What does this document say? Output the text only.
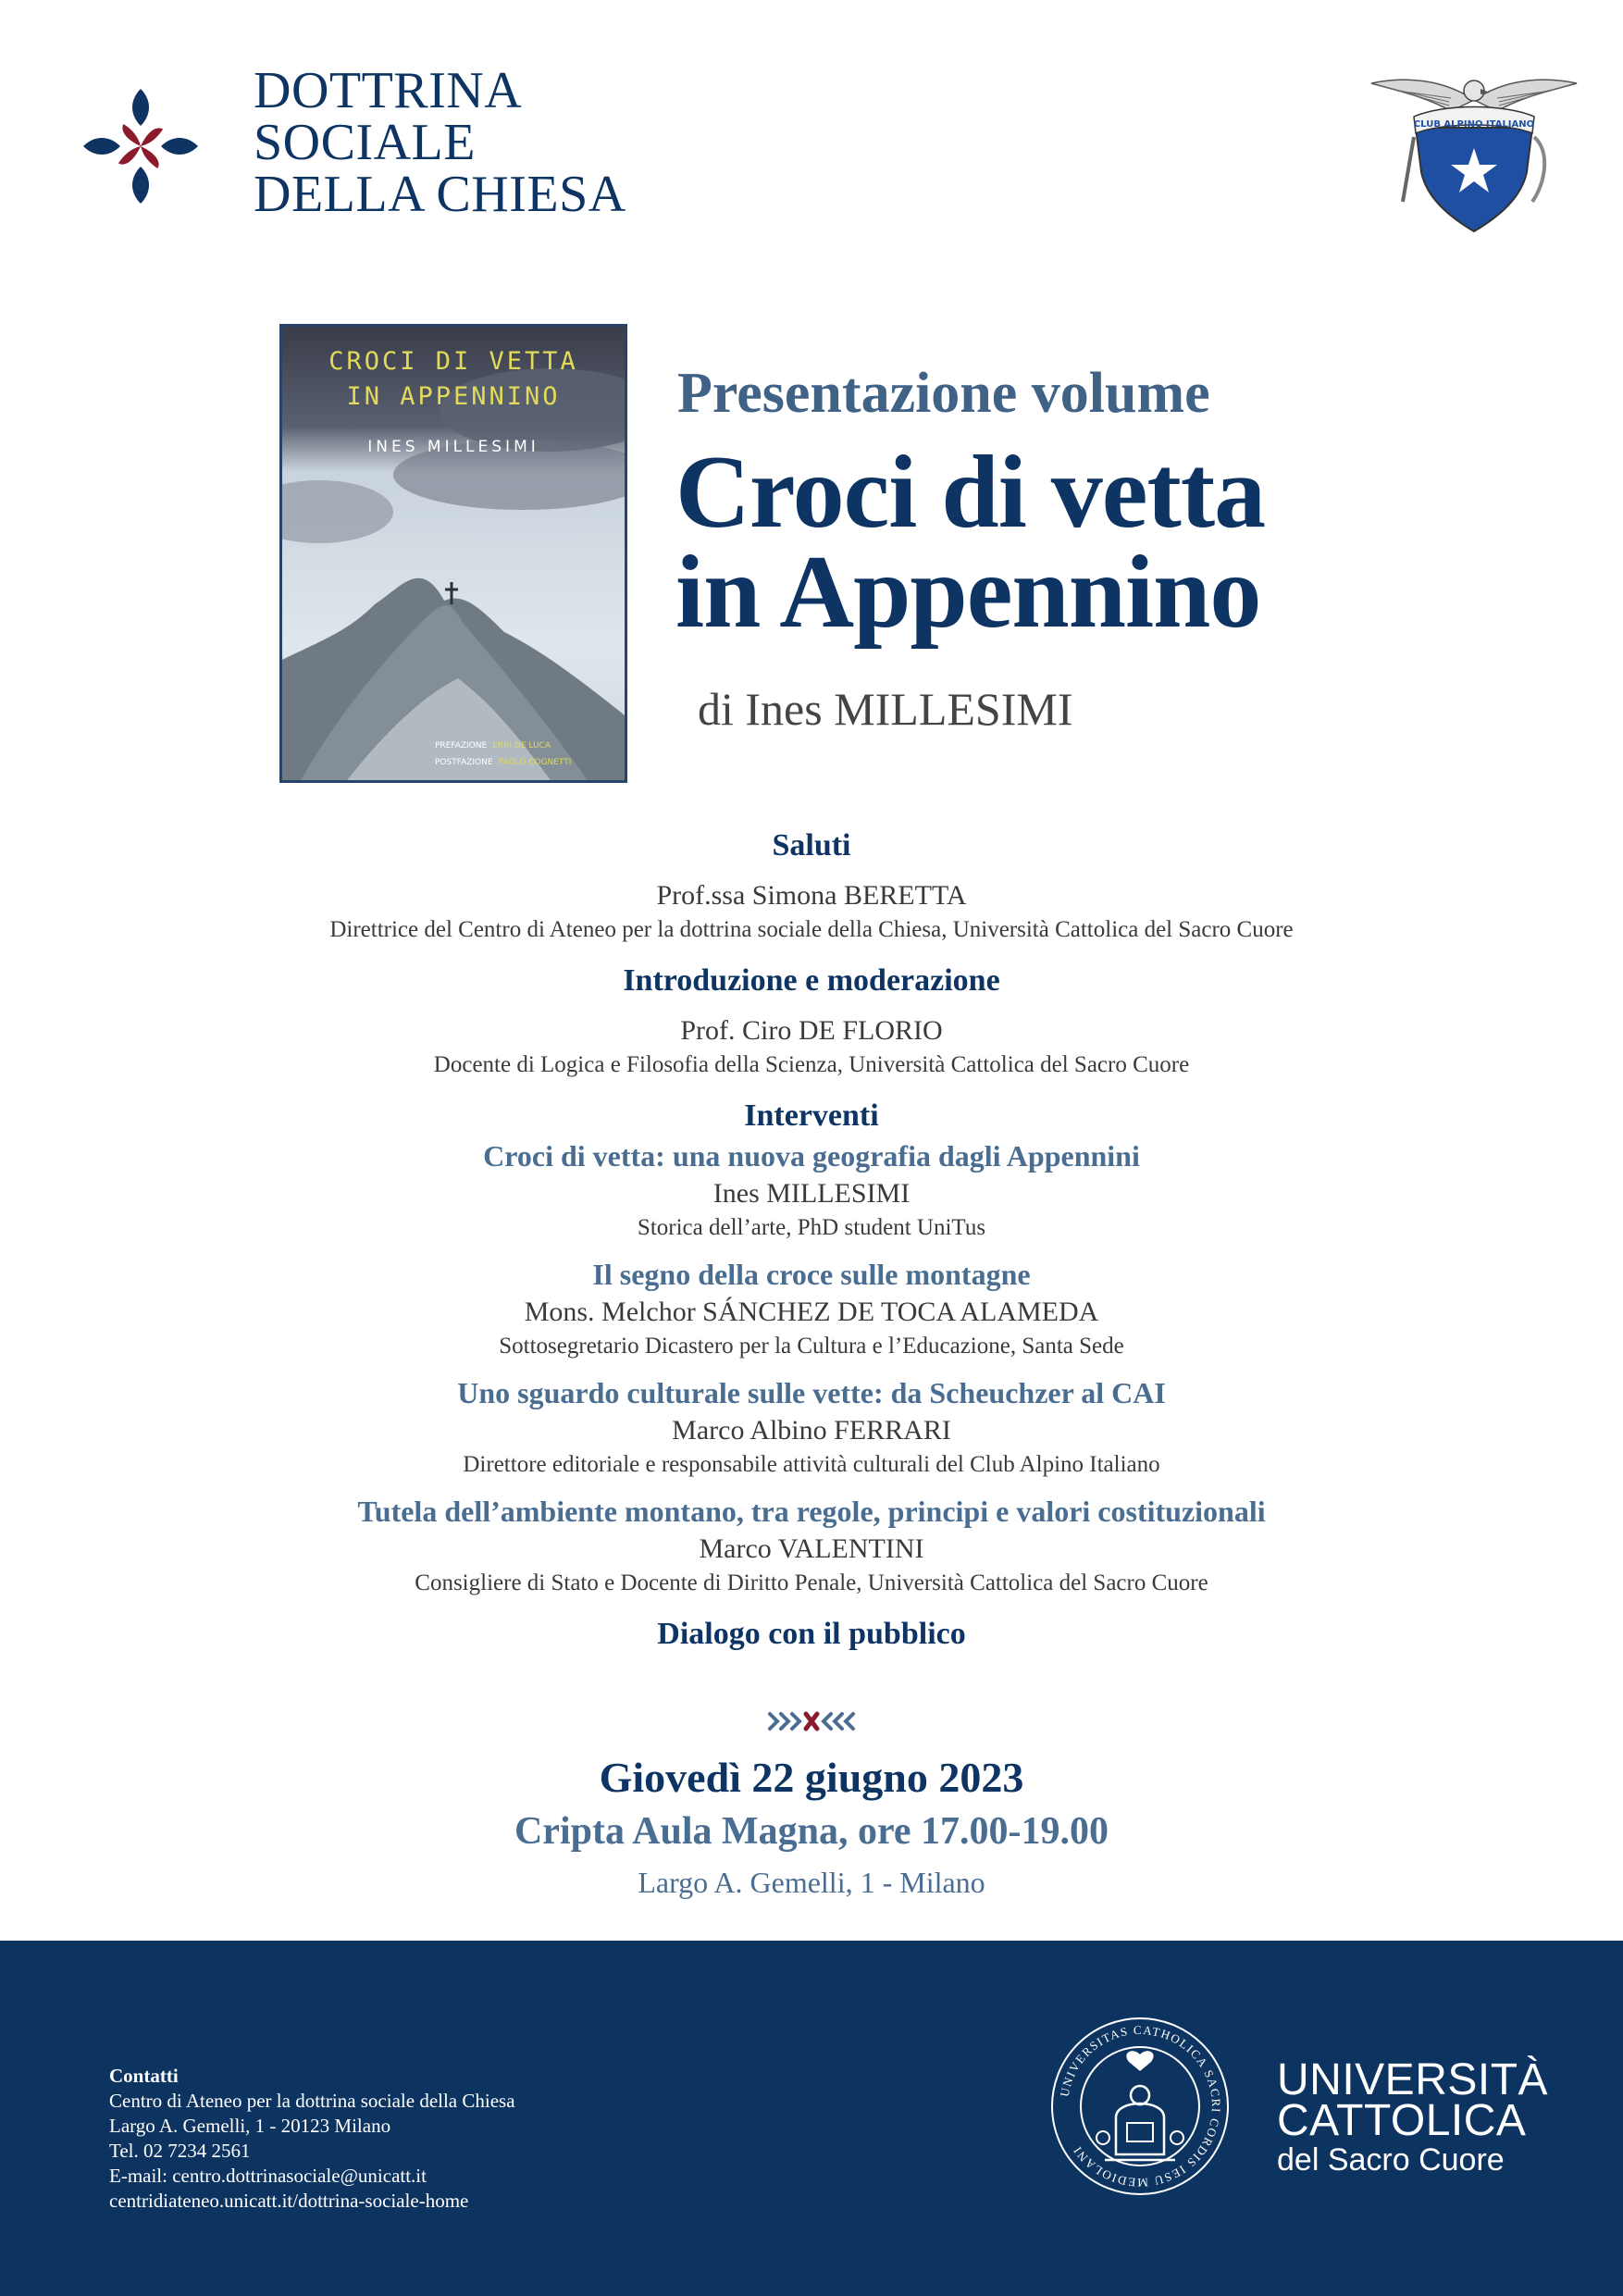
DOTTRINA
SOCIALE
DELLA CHIESA
CLUB ALPINO ITALIANO
CROCI DI VETTA
IN APPENNINO
INES MILLESIMI
PREFAZIONE ERRI DE LUCA
POSTFAZIONE PAOLO COGNETTI
Presentazione volume
Croci di vetta
in Appennino
di Ines MILLESIMI
Saluti
Prof.ssa Simona BERETTA
Direttrice del Centro di Ateneo per la dottrina sociale della Chiesa, Università Cattolica del Sacro Cuore
Introduzione e moderazione
Prof. Ciro DE FLORIO
Docente di Logica e Filosofia della Scienza, Università Cattolica del Sacro Cuore
Interventi
Croci di vetta: una nuova geografia dagli Appennini
Ines MILLESIMI
Storica dell’arte, PhD student UniTus
Il segno della croce sulle montagne
Mons. Melchor SÁNCHEZ DE TOCA ALAMEDA
Sottosegretario Dicastero per la Cultura e l’Educazione, Santa Sede
Uno sguardo culturale sulle vette: da Scheuchzer al CAI
Marco Albino FERRARI
Direttore editoriale e responsabile attività culturali del Club Alpino Italiano
Tutela dell’ambiente montano, tra regole, principi e valori costituzionali
Marco VALENTINI
Consigliere di Stato e Docente di Diritto Penale, Università Cattolica del Sacro Cuore
Dialogo con il pubblico
Giovedì 22 giugno 2023
Cripta Aula Magna, ore 17.00-19.00
Largo A. Gemelli, 1 - Milano
Contatti
Centro di Ateneo per la dottrina sociale della Chiesa
Largo A. Gemelli, 1 - 20123 Milano
Tel. 02 7234 2561
E-mail: centro.dottrinasociale@unicatt.it
centridiateneo.unicatt.it/dottrina-sociale-home
UNIVERSITAS CATHOLICA SACRI CORDIS IESU MEDIOLANI
UNIVERSITÀ
CATTOLICA
del Sacro Cuore
